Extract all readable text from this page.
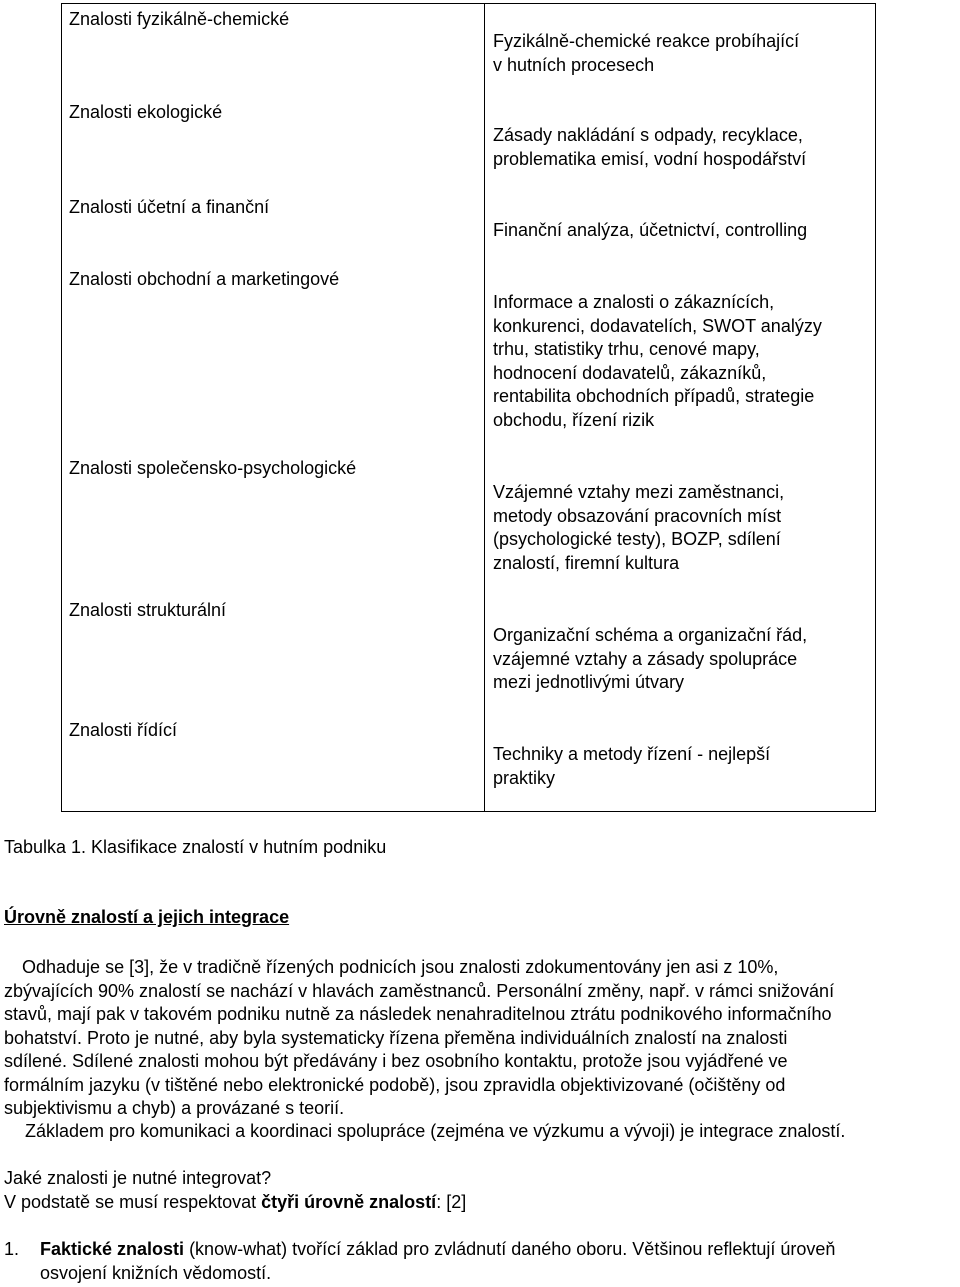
Znalosti fyzikálně-chemické
Fyzikálně-chemické reakce probíhající
v hutních procesech
Znalosti ekologické
Zásady nakládání s odpady, recyklace,
problematika emisí, vodní hospodářství
Znalosti účetní a finanční
Finanční analýza, účetnictví, controlling
Znalosti obchodní a marketingové
Informace a znalosti o zákaznících,
konkurenci, dodavatelích, SWOT analýzy
trhu, statistiky trhu, cenové mapy,
hodnocení dodavatelů, zákazníků,
rentabilita obchodních případů, strategie
obchodu, řízení rizik
Znalosti společensko-psychologické
Vzájemné vztahy mezi zaměstnanci,
metody obsazování pracovních míst
(psychologické testy), BOZP, sdílení
znalostí, firemní kultura
Znalosti strukturální
Organizační schéma a organizační řád,
vzájemné vztahy a zásady spolupráce
mezi jednotlivými útvary
Znalosti řídící
Techniky a metody řízení - nejlepší
praktiky
Tabulka 1. Klasifikace znalostí v hutním podniku
Úrovně znalostí a jejich integrace
Odhaduje se [3], že v tradičně řízených podnicích jsou znalosti zdokumentovány jen asi z 10%,
zbývajících 90% znalostí se nachází v hlavách zaměstnanců. Personální změny, např. v rámci snižování
stavů, mají pak v takovém podniku nutně za následek nenahraditelnou ztrátu podnikového informačního
bohatství. Proto je nutné, aby byla systematicky řízena přeměna individuálních znalostí na znalosti
sdílené. Sdílené znalosti mohou být předávány i bez osobního kontaktu, protože jsou vyjádřené ve
formálním jazyku (v tištěné nebo elektronické podobě), jsou zpravidla objektivizované (očištěny od
subjektivismu a chyb) a provázané s teorií.
Základem pro komunikaci a koordinaci spolupráce (zejména ve výzkumu a vývoji) je integrace znalostí.
Jaké znalosti je nutné integrovat?
V podstatě se musí respektovat čtyři úrovně znalostí: [2]
1. Faktické znalosti (know-what) tvořící základ pro zvládnutí daného oboru. Většinou reflektují úroveň
osvojení knižních vědomostí.
